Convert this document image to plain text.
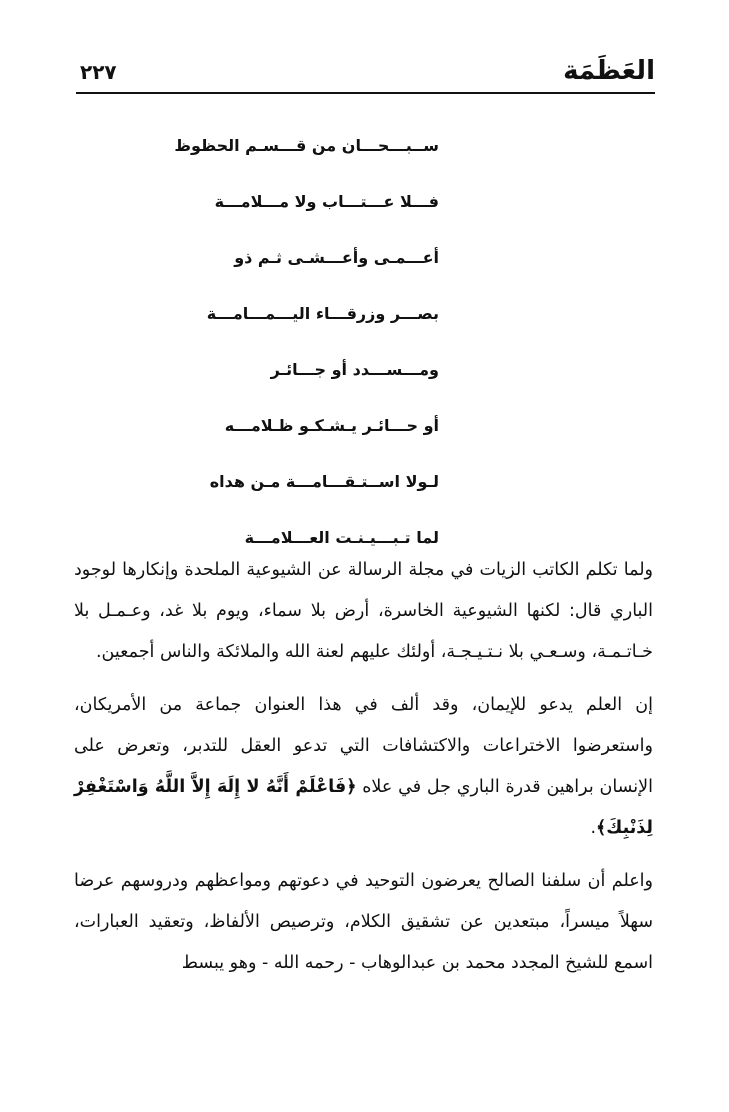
العَظَمَة
٢٢٧
ســبـــحـــان من قـــسـم الحظوظ
فـــلا عـــتـــاب ولا مـــلامـــة
أعـــمـى وأعـــشـى ثـم ذو
بصـــر وزرقـــاء اليـــمـــامـــة
ومـــســـدد أو جـــائـر
أو حـــائـر يـشـكـو ظـلامـــه
لـولا اســتـقـــامـــة مـن هداه
لما تـبـــيـنـت العـــلامـــة

ولما تكلم الكاتب الزيات في مجلة الرسالة عن الشيوعية الملحدة وإنكارها لوجود الباري قال: لكنها الشيوعية الخاسرة، أرض بلا سماء، ويوم بلا غد، وعـمـل بلا خـاتـمـة، وسـعـي بلا نـتـيـجـة، أولئك عليهم لعنة الله والملائكة والناس أجمعين.

إن العلم يدعو للإيمان، وقد ألف في هذا العنوان جماعة من الأمريكان، واستعرضوا الاختراعات والاكتشافات التي تدعو العقل للتدبر، وتعرض على الإنسان براهين قدرة الباري جل في علاه ﴿فَاعْلَمْ أَنَّهُ لا إِلَهَ إِلاَّ اللَّهُ وَاسْتَغْفِرْ لِذَنْبِكَ﴾.

واعلم أن سلفنا الصالح يعرضون التوحيد في دعوتهم ومواعظهم ودروسهم عرضا سهلاً ميسراً، مبتعدين عن تشقيق الكلام، وترصيص الألفاظ، وتعقيد العبارات، اسمع للشيخ المجدد محمد بن عبدالوهاب - رحمه الله - وهو يبسط
